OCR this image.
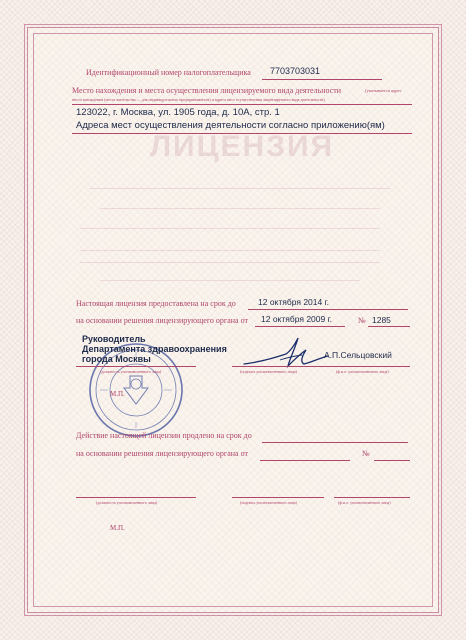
ЛИЦЕНЗИЯ
Идентификационный номер налогоплательщика 7703703031
Место нахождения и места осуществления лицензируемого вида деятельности	(указывается адрес
места нахождения (места жительства — для индивидуального предпринимателя) и адреса мест осуществления лицензируемого вида деятельности)
123022, г. Москва, ул. 1905 года, д. 10А, стр. 1
Адреса мест осуществления деятельности согласно приложению(ям)
Настоящая лицензия предоставлена на срок до	12 октября 2014 г.
на основании решения лицензирующего органа от 12 октября 2009 г.	№ 1285
Руководитель
Департамента здравоохранения
города Москвы
(должность уполномоченного лица)	(подпись уполномоченного лица)
А.П.Сельцовский
(ф.и.о. уполномоченного лица)
М.П.
Действие настоящей лицензии продлено на срок до
на основании решения лицензирующего органа от	№
(должность уполномоченного лица)	(подпись уполномоченного лица)	(ф.и.о. уполномоченного лица)
М.П.
